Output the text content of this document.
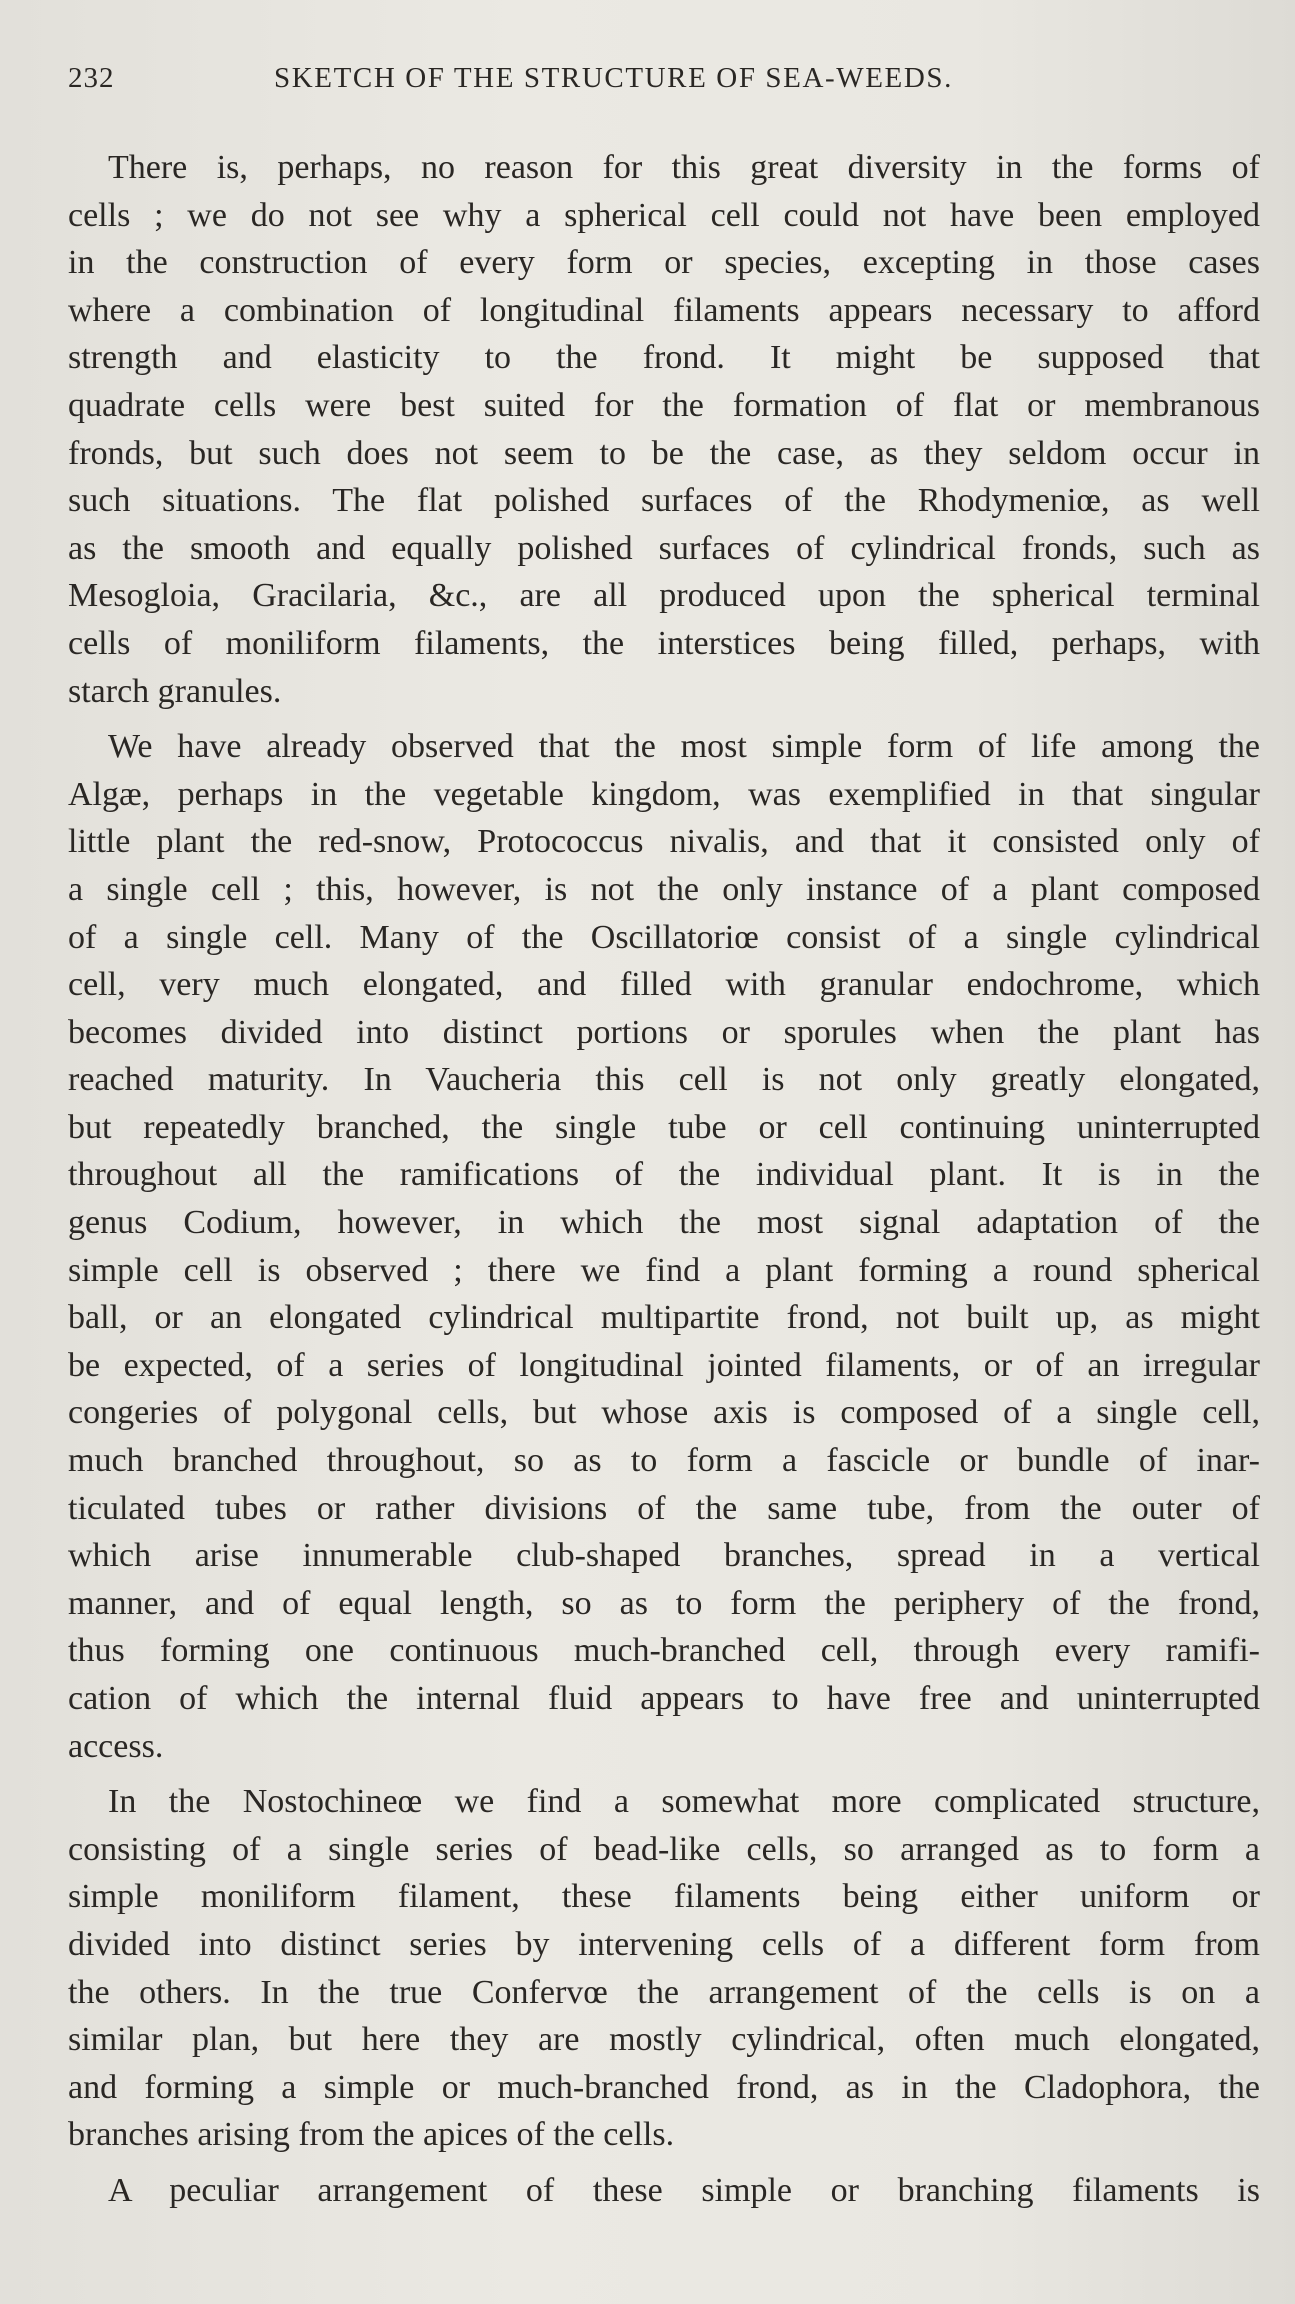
232	SKETCH OF THE STRUCTURE OF SEA-WEEDS.
There is, perhaps, no reason for this great diversity in the forms of
cells ; we do not see why a spherical cell could not have been employed
in the construction of every form or species, excepting in those cases
where a combination of longitudinal filaments appears necessary to afford
strength and elasticity to the frond. It might be supposed that
quadrate cells were best suited for the formation of flat or membranous
fronds, but such does not seem to be the case, as they seldom occur in
such situations. The flat polished surfaces of the Rhodymeniœ, as well
as the smooth and equally polished surfaces of cylindrical fronds, such as
Mesogloia, Gracilaria, &c., are all produced upon the spherical terminal
cells of moniliform filaments, the interstices being filled, perhaps, with
starch granules.
We have already observed that the most simple form of life among the
Algæ, perhaps in the vegetable kingdom, was exemplified in that singular
little plant the red-snow, Protococcus nivalis, and that it consisted only of
a single cell ; this, however, is not the only instance of a plant composed
of a single cell. Many of the Oscillatoriœ consist of a single cylindrical
cell, very much elongated, and filled with granular endochrome, which
becomes divided into distinct portions or sporules when the plant has
reached maturity. In Vaucheria this cell is not only greatly elongated,
but repeatedly branched, the single tube or cell continuing uninterrupted
throughout all the ramifications of the individual plant. It is in the
genus Codium, however, in which the most signal adaptation of the
simple cell is observed ; there we find a plant forming a round spherical
ball, or an elongated cylindrical multipartite frond, not built up, as might
be expected, of a series of longitudinal jointed filaments, or of an irregular
congeries of polygonal cells, but whose axis is composed of a single cell,
much branched throughout, so as to form a fascicle or bundle of inar-
ticulated tubes or rather divisions of the same tube, from the outer of
which arise innumerable club-shaped branches, spread in a vertical
manner, and of equal length, so as to form the periphery of the frond,
thus forming one continuous much-branched cell, through every ramifi-
cation of which the internal fluid appears to have free and uninterrupted
access.
In the Nostochineœ we find a somewhat more complicated structure,
consisting of a single series of bead-like cells, so arranged as to form a
simple moniliform filament, these filaments being either uniform or
divided into distinct series by intervening cells of a different form from
the others. In the true Confervœ the arrangement of the cells is on a
similar plan, but here they are mostly cylindrical, often much elongated,
and forming a simple or much-branched frond, as in the Cladophora, the
branches arising from the apices of the cells.
A peculiar arrangement of these simple or branching filaments is
